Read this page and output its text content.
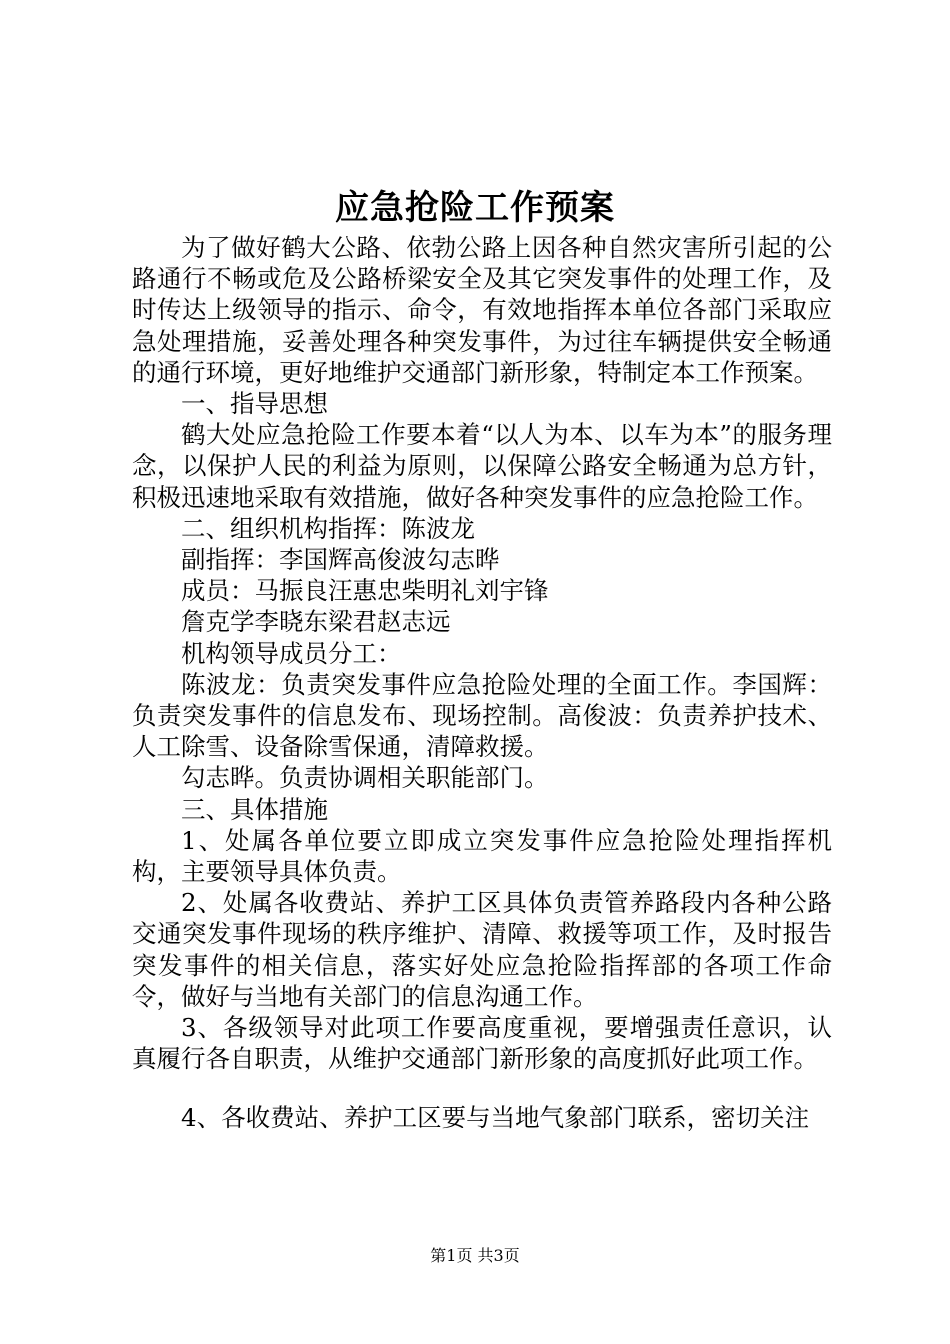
应急抢险工作预案

为了做好鹤大公路、依勃公路上因各种自然灾害所引起的公路通行不畅或危及公路桥梁安全及其它突发事件的处理工作，及时传达上级领导的指示、命令，有效地指挥本单位各部门采取应急处理措施，妥善处理各种突发事件，为过往车辆提供安全畅通的通行环境，更好地维护交通部门新形象，特制定本工作预案。

一、指导思想

鹤大处应急抢险工作要本着“以人为本、以车为本”的服务理念，以保护人民的利益为原则，以保障公路安全畅通为总方针，积极迅速地采取有效措施，做好各种突发事件的应急抢险工作。

二、组织机构指挥：陈波龙

副指挥：李国辉高俊波勾志晔

成员：马振良汪惠忠柴明礼刘宇锋

詹克学李晓东梁君赵志远

机构领导成员分工：

陈波龙：负责突发事件应急抢险处理的全面工作。李国辉：负责突发事件的信息发布、现场控制。高俊波：负责养护技术、人工除雪、设备除雪保通，清障救援。

勾志晔。负责协调相关职能部门。

三、具体措施

1、处属各单位要立即成立突发事件应急抢险处理指挥机构，主要领导具体负责。

2、处属各收费站、养护工区具体负责管养路段内各种公路交通突发事件现场的秩序维护、清障、救援等项工作，及时报告突发事件的相关信息，落实好处应急抢险指挥部的各项工作命令，做好与当地有关部门的信息沟通工作。

3、各级领导对此项工作要高度重视，要增强责任意识，认真履行各自职责，从维护交通部门新形象的高度抓好此项工作。

4、各收费站、养护工区要与当地气象部门联系，密切关注

第1页 共3页
